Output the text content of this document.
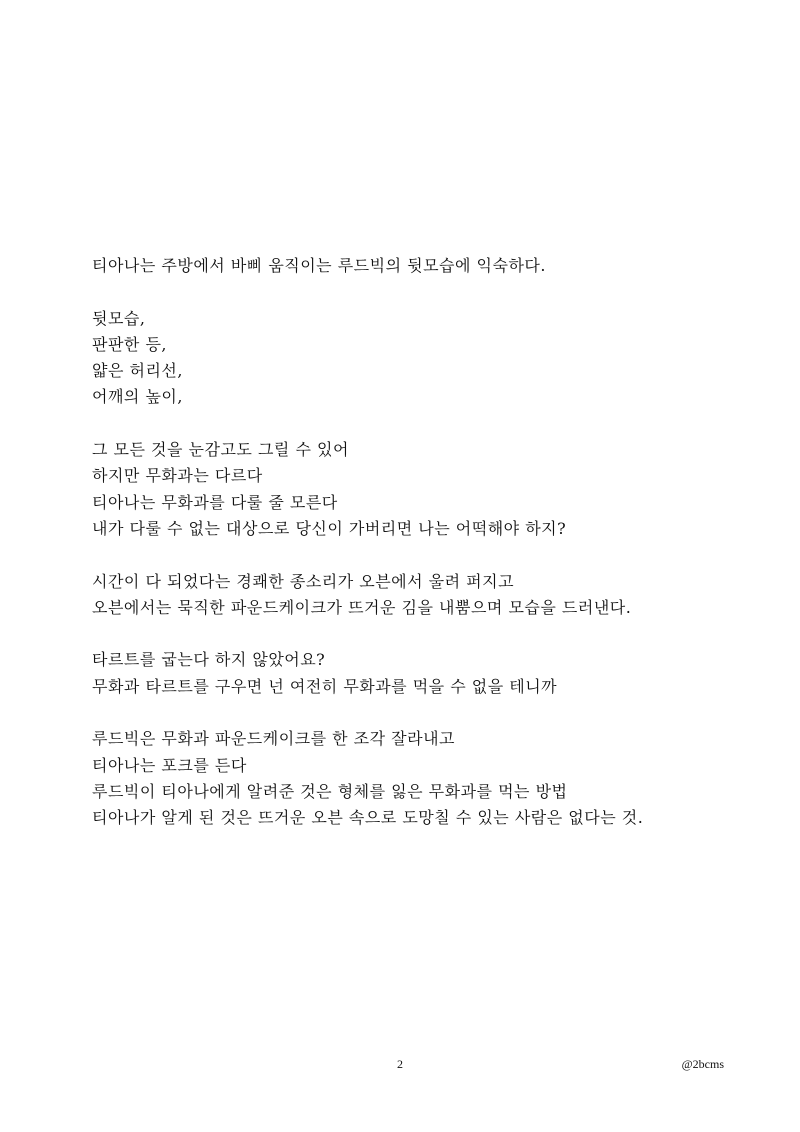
티아나는 주방에서 바삐 움직이는 루드빅의 뒷모습에 익숙하다.
뒷모습,
판판한 등,
얇은 허리선,
어깨의 높이,
그 모든 것을 눈감고도 그릴 수 있어
하지만 무화과는 다르다
티아나는 무화과를 다룰 줄 모른다
내가 다룰 수 없는 대상으로 당신이 가버리면 나는 어떡해야 하지?
시간이 다 되었다는 경쾌한 종소리가 오븐에서 울려 퍼지고
오븐에서는 묵직한 파운드케이크가 뜨거운 김을 내뿜으며 모습을 드러낸다.
타르트를 굽는다 하지 않았어요?
무화과 타르트를 구우면 넌 여전히 무화과를 먹을 수 없을 테니까
루드빅은 무화과 파운드케이크를 한 조각 잘라내고
티아나는 포크를 든다
루드빅이 티아나에게 알려준 것은 형체를 잃은 무화과를 먹는 방법
티아나가 알게 된 것은 뜨거운 오븐 속으로 도망칠 수 있는 사람은 없다는 것.
2	@2bcms
